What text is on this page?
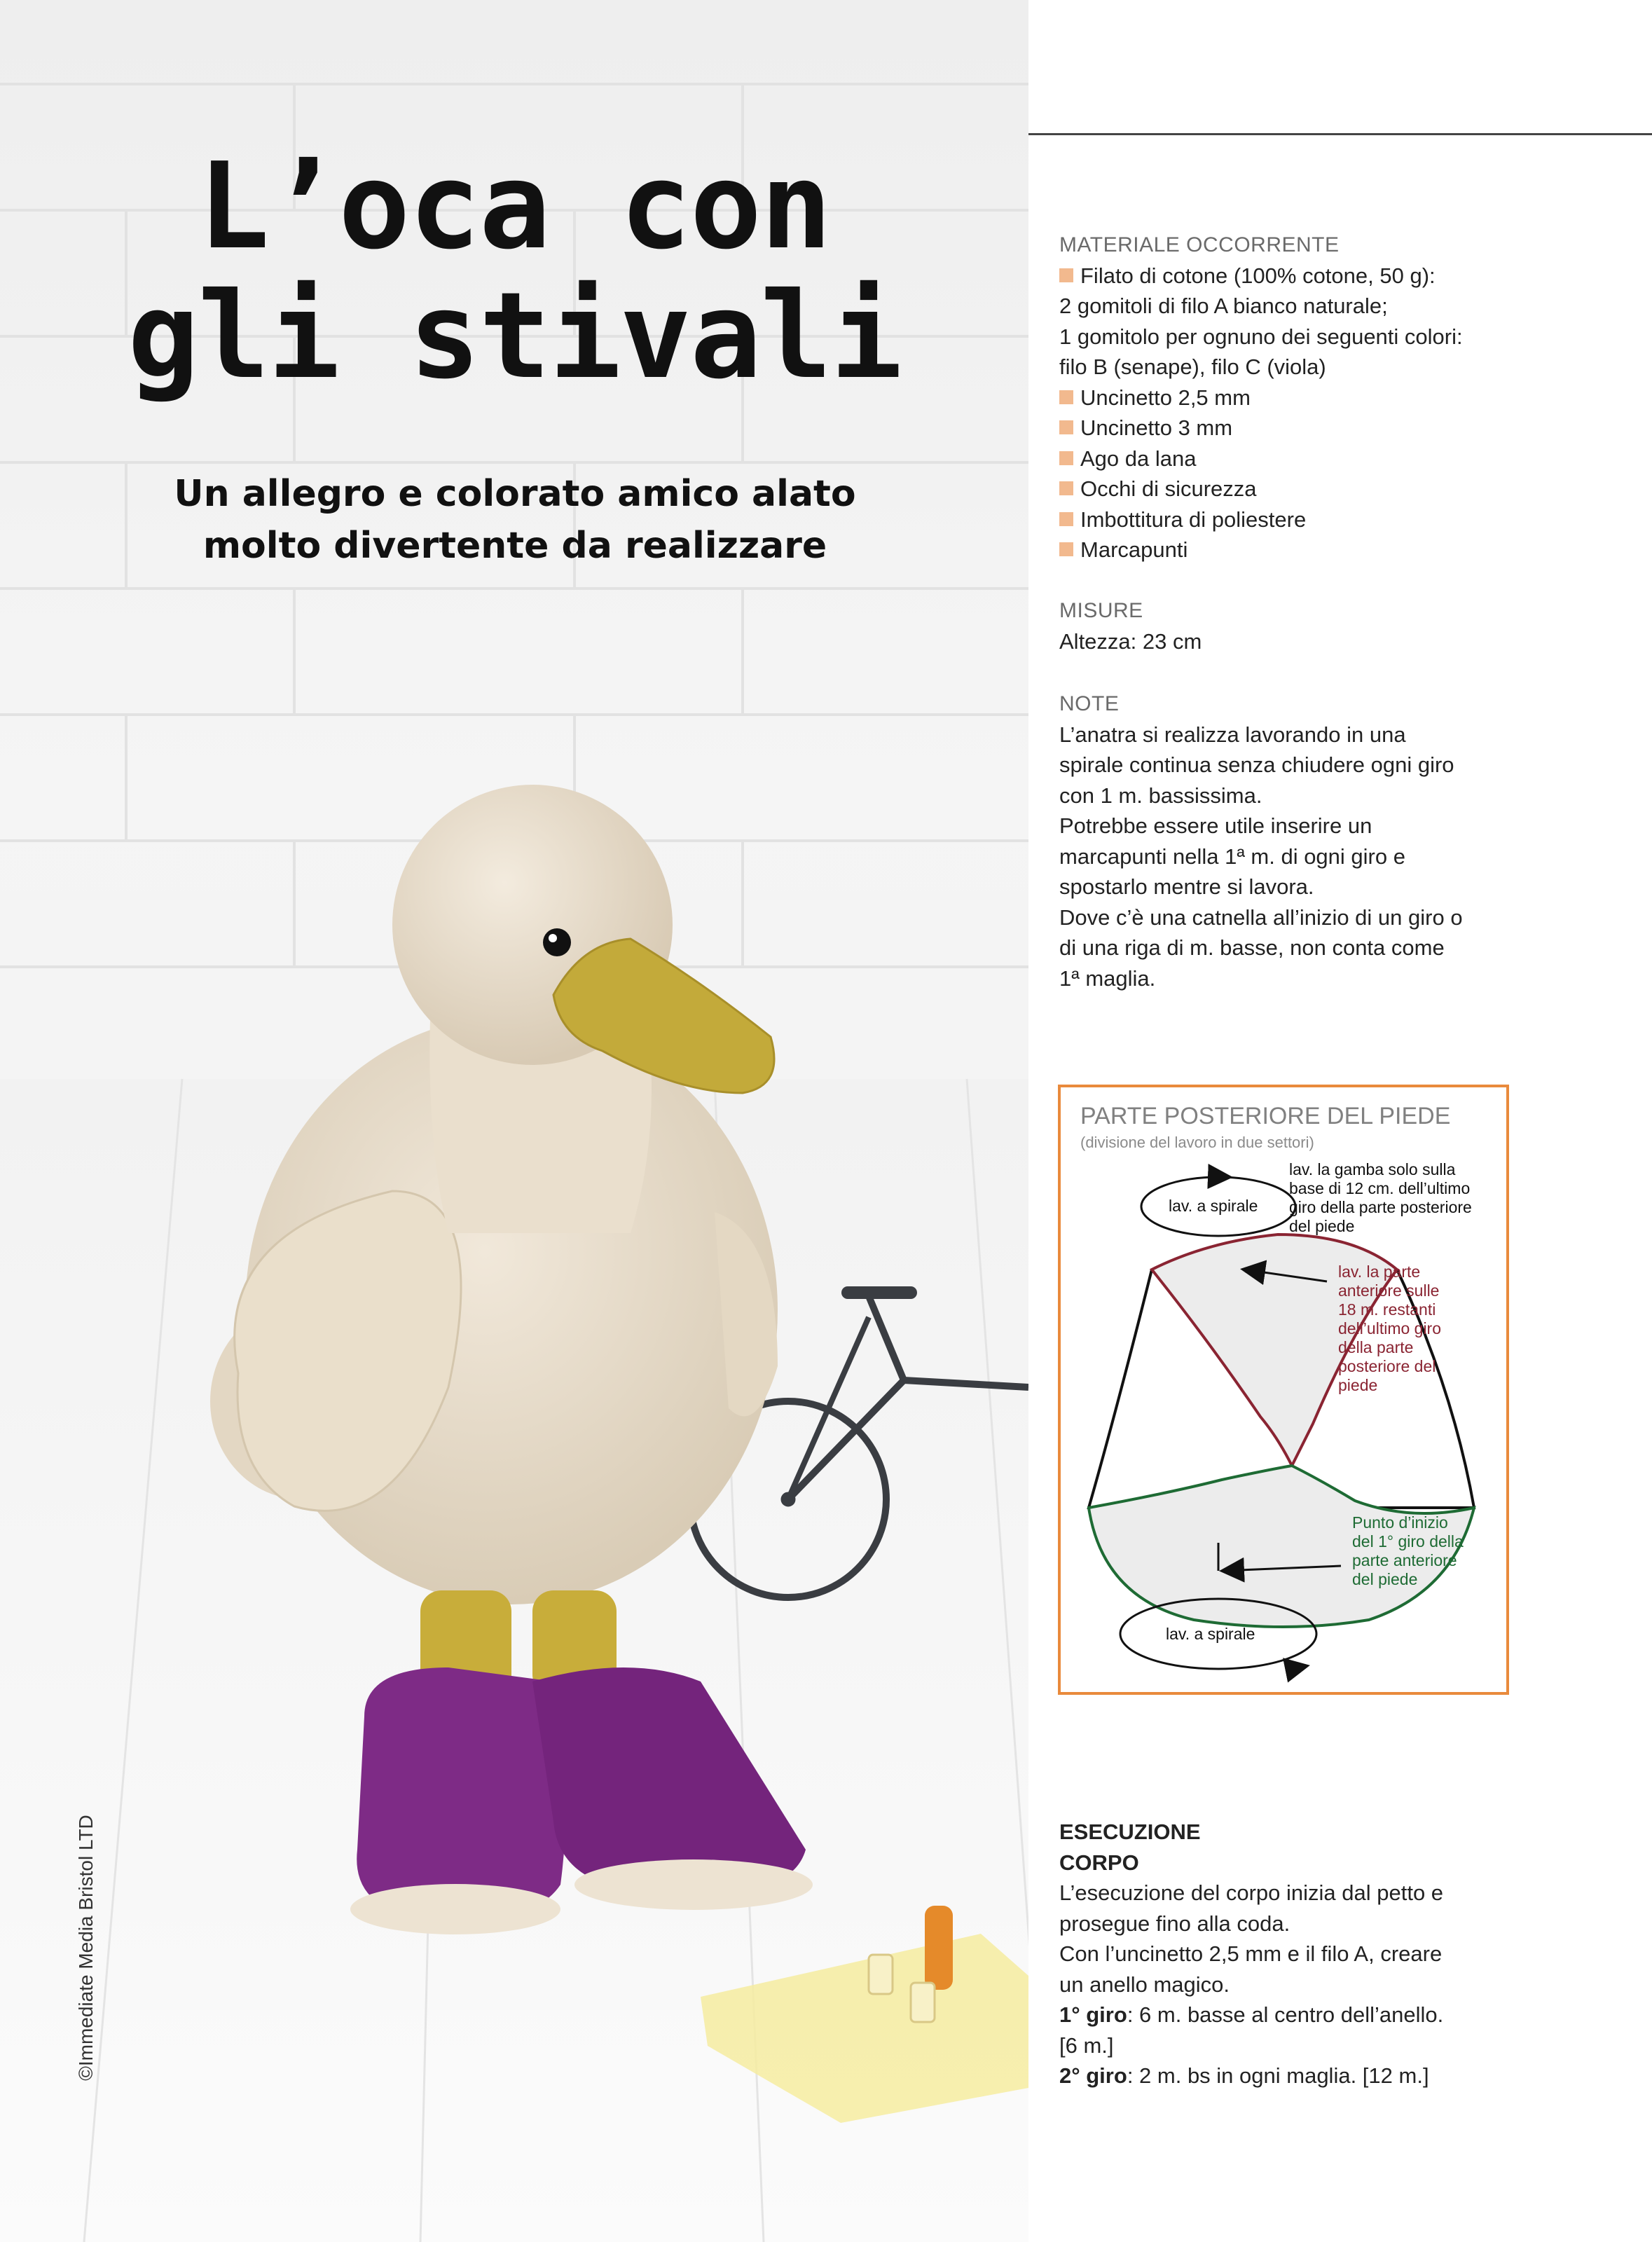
L’oca con
gli stivali

Un allegro e colorato amico alato
molto divertente da realizzare

©Immediate Media Bristol LTD
MATERIALE OCCORRENTE
Filato di cotone (100% cotone, 50 g):
2 gomitoli di filo A bianco naturale;
1 gomitolo per ognuno dei seguenti colori:
filo B (senape), filo C (viola)
Uncinetto 2,5 mm
Uncinetto 3 mm
Ago da lana
Occhi di sicurezza
Imbottitura di poliestere
Marcapunti
MISURE
Altezza: 23 cm
NOTE
L’anatra si realizza lavorando in una
spirale continua senza chiudere ogni giro
con 1 m. bassissima.
Potrebbe essere utile inserire un
marcapunti nella 1ª m. di ogni giro e
spostarlo mentre si lavora.
Dove c’è una catnella all’inizio di un giro o
di una riga di m. basse, non conta come
1ª maglia.
PARTE POSTERIORE DEL PIEDE
(divisione del lavoro in due settori)
lav. a spirale
lav. a spirale
lav. la gamba solo sulla
base di 12 cm. dell’ultimo
giro della parte posteriore
del piede
lav. la parte
anteriore sulle
18 m. restanti
dell’ultimo giro
della parte
posteriore del
piede
Punto d’inizio
del 1° giro della
parte anteriore
del piede
ESECUZIONE
CORPO
L’esecuzione del corpo inizia dal petto e
prosegue fino alla coda.
Con l’uncinetto 2,5 mm e il filo A, creare
un anello magico.
1° giro: 6 m. basse al centro dell’anello.
[6 m.]
2° giro: 2 m. bs in ogni maglia. [12 m.]
